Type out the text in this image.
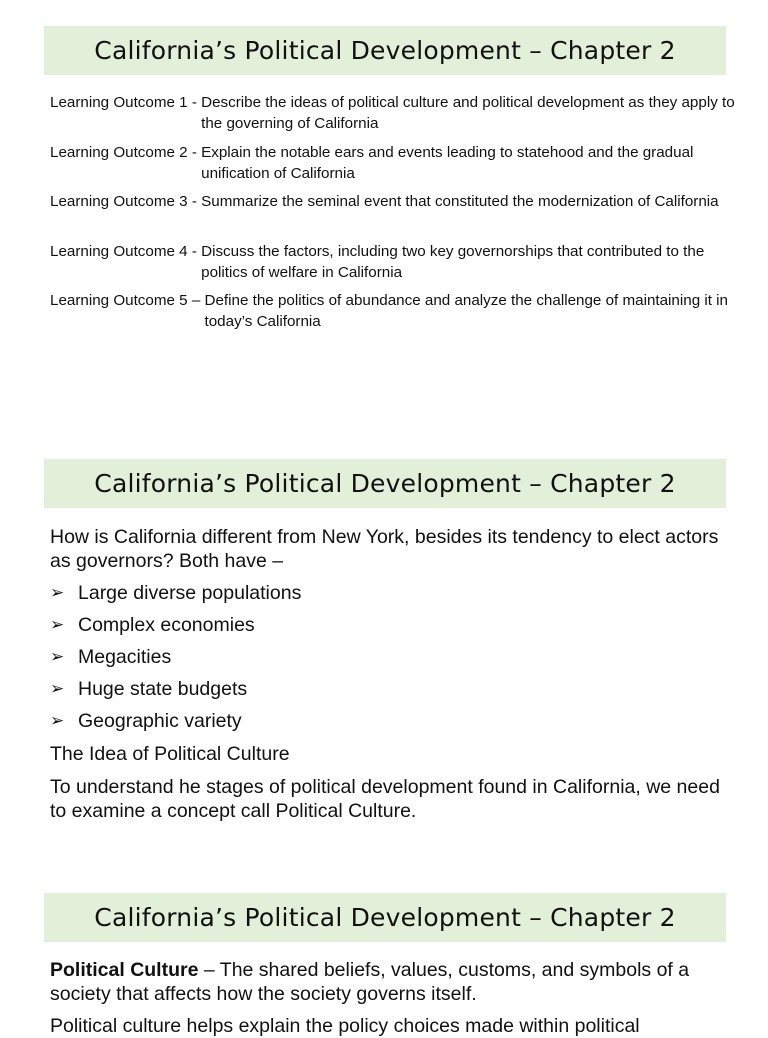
California’s Political Development – Chapter 2
Learning Outcome 1 - Describe the ideas of political culture and political development as they apply to the governing of California
Learning Outcome 2 - Explain the notable ears and events leading to statehood and the gradual unification of California
Learning Outcome 3 - Summarize the seminal event that constituted the modernization of California
Learning Outcome 4 - Discuss the factors, including two key governorships that contributed to the politics of welfare in California
Learning Outcome 5 – Define the politics of abundance and analyze the challenge of maintaining it in today’s California
California’s Political Development – Chapter 2
How is California different from New York, besides its tendency to elect actors as governors? Both have –
➢ Large diverse populations
➢ Complex economies
➢ Megacities
➢ Huge state budgets
➢ Geographic variety
The Idea of Political Culture
To understand he stages of political development found in California, we need to examine a concept call Political Culture.
California’s Political Development – Chapter 2
Political Culture – The shared beliefs, values, customs, and symbols of a society that affects how the society governs itself.
Political culture helps explain the policy choices made within political
